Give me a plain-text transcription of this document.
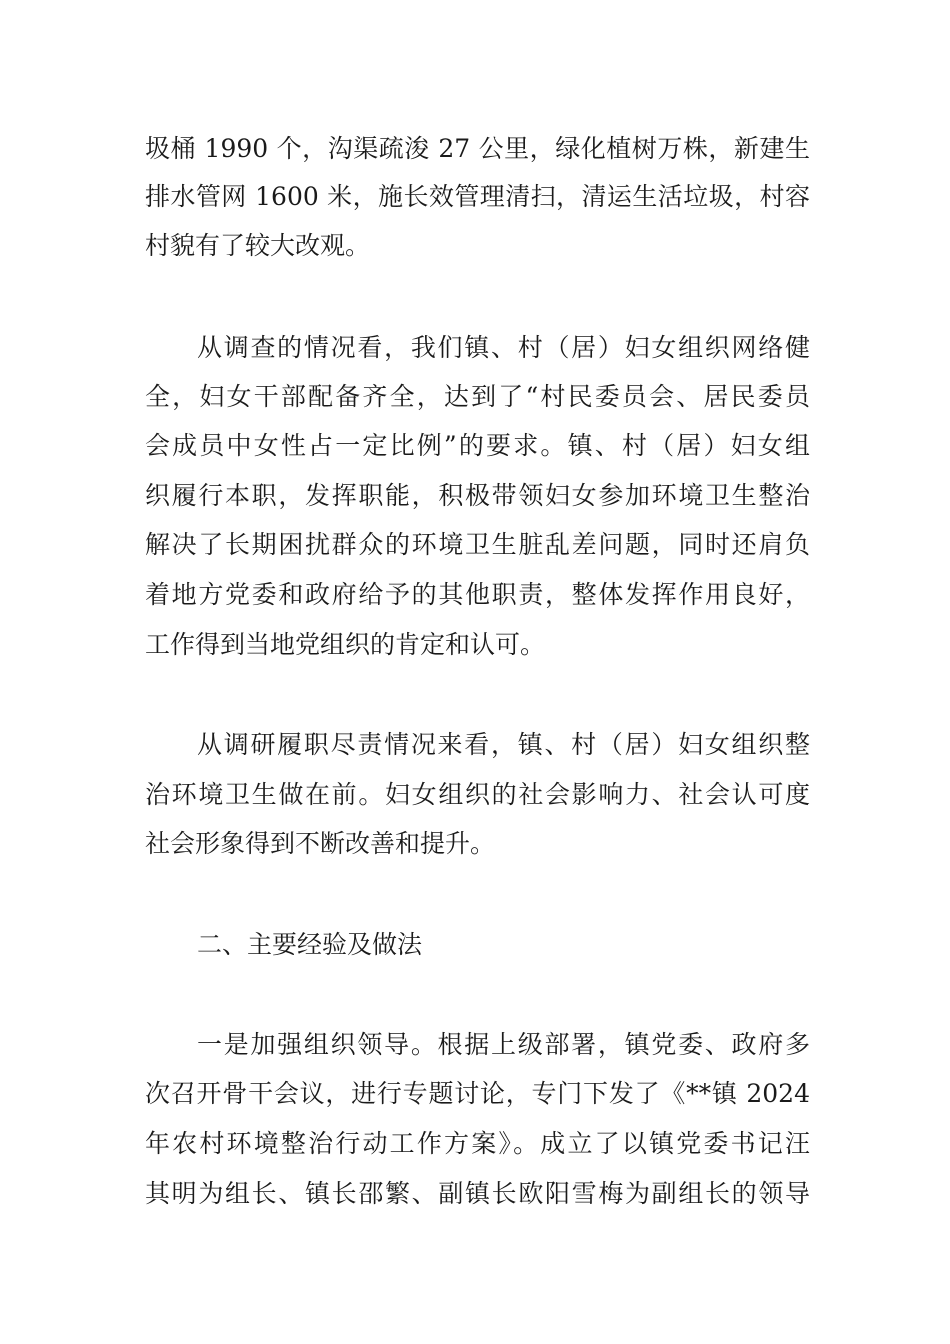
圾桶 1990 个，沟渠疏浚 27 公里，绿化植树万株，新建生

排水管网 1600 米，施长效管理清扫，清运生活垃圾，村容

村貌有了较大改观。

从调查的情况看，我们镇、村（居）妇女组织网络健

全，妇女干部配备齐全，达到了“村民委员会、居民委员

会成员中女性占一定比例”的要求。镇、村（居）妇女组

织履行本职，发挥职能，积极带领妇女参加环境卫生整治

解决了长期困扰群众的环境卫生脏乱差问题，同时还肩负

着地方党委和政府给予的其他职责，整体发挥作用良好，

工作得到当地党组织的肯定和认可。

从调研履职尽责情况来看，镇、村（居）妇女组织整

治环境卫生做在前。妇女组织的社会影响力、社会认可度

社会形象得到不断改善和提升。

二、主要经验及做法

一是加强组织领导。根据上级部署，镇党委、政府多

次召开骨干会议，进行专题讨论，专门下发了《**镇 2024

年农村环境整治行动工作方案》。成立了以镇党委书记汪

其明为组长、镇长邵繁、副镇长欧阳雪梅为副组长的领导
